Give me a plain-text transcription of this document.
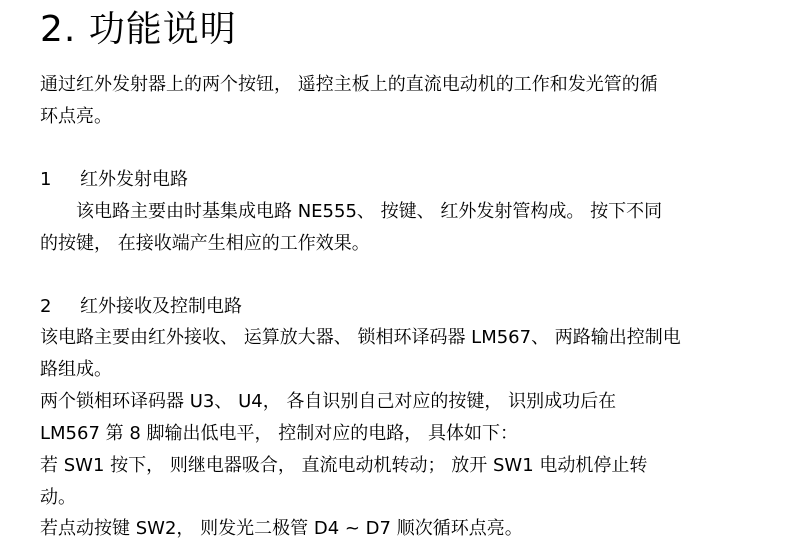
2. 功能说明
通过红外发射器上的两个按钮， 遥控主板上的直流电动机的工作和发光管的循
环点亮。
1 红外发射电路
该电路主要由时基集成电路 NE555、 按键、 红外发射管构成。 按下不同
的按键， 在接收端产生相应的工作效果。
2 红外接收及控制电路
该电路主要由红外接收、 运算放大器、 锁相环译码器 LM567、 两路输出控制电
路组成。
两个锁相环译码器 U3、 U4， 各自识别自己对应的按键， 识别成功后在
LM567 第 8 脚输出低电平， 控制对应的电路， 具体如下：
若 SW1 按下， 则继电器吸合， 直流电动机转动； 放开 SW1 电动机停止转
动。
若点动按键 SW2， 则发光二极管 D4 ~ D7 顺次循环点亮。
